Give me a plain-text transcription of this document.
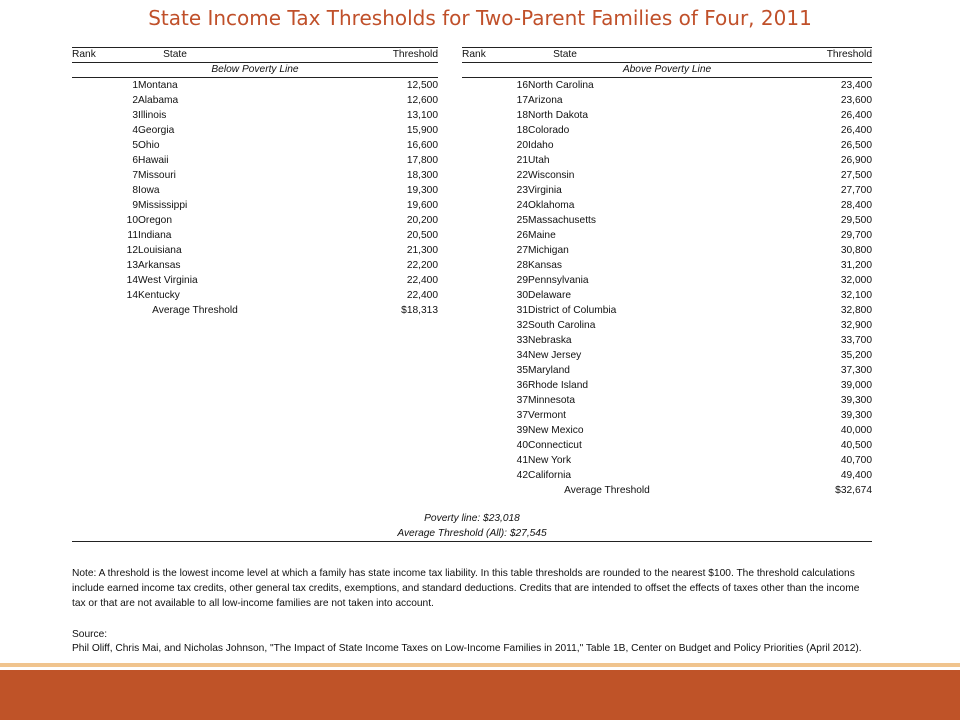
State Income Tax Thresholds for Two-Parent Families of Four, 2011
Rank	State	Threshold
Below Poverty Line
1 Montana	12,500
2 Alabama	12,600
3 Illinois	13,100
4 Georgia	15,900
5 Ohio	16,600
6 Hawaii	17,800
7 Missouri	18,300
8 Iowa	19,300
9 Mississippi	19,600
10 Oregon	20,200
11 Indiana	20,500
12 Louisiana	21,300
13 Arkansas	22,200
14 West Virginia	22,400
14 Kentucky	22,400
Average Threshold	$18,313
Rank	State	Threshold
Above Poverty Line
16 North Carolina	23,400
17 Arizona	23,600
18 North Dakota	26,400
18 Colorado	26,400
20 Idaho	26,500
21 Utah	26,900
22 Wisconsin	27,500
23 Virginia	27,700
24 Oklahoma	28,400
25 Massachusetts	29,500
26 Maine	29,700
27 Michigan	30,800
28 Kansas	31,200
29 Pennsylvania	32,000
30 Delaware	32,100
31 District of Columbia	32,800
32 South Carolina	32,900
33 Nebraska	33,700
34 New Jersey	35,200
35 Maryland	37,300
36 Rhode Island	39,000
37 Minnesota	39,300
37 Vermont	39,300
39 New Mexico	40,000
40 Connecticut	40,500
41 New York	40,700
42 California	49,400
Average Threshold	$32,674
Poverty line: $23,018
Average Threshold (All): $27,545

Note: A threshold is the lowest income level at which a family has state income tax liability. In this table thresholds are rounded to the nearest $100. The threshold calculations include earned income tax credits, other general tax credits, exemptions, and standard deductions. Credits that are intended to offset the effects of taxes other than the income tax or that are not available to all low-income families are not taken into account.

Source:

Phil Oliff, Chris Mai, and Nicholas Johnson, "The Impact of State Income Taxes on Low-Income Families in 2011," Table 1B, Center on Budget and Policy Priorities (April 2012).
